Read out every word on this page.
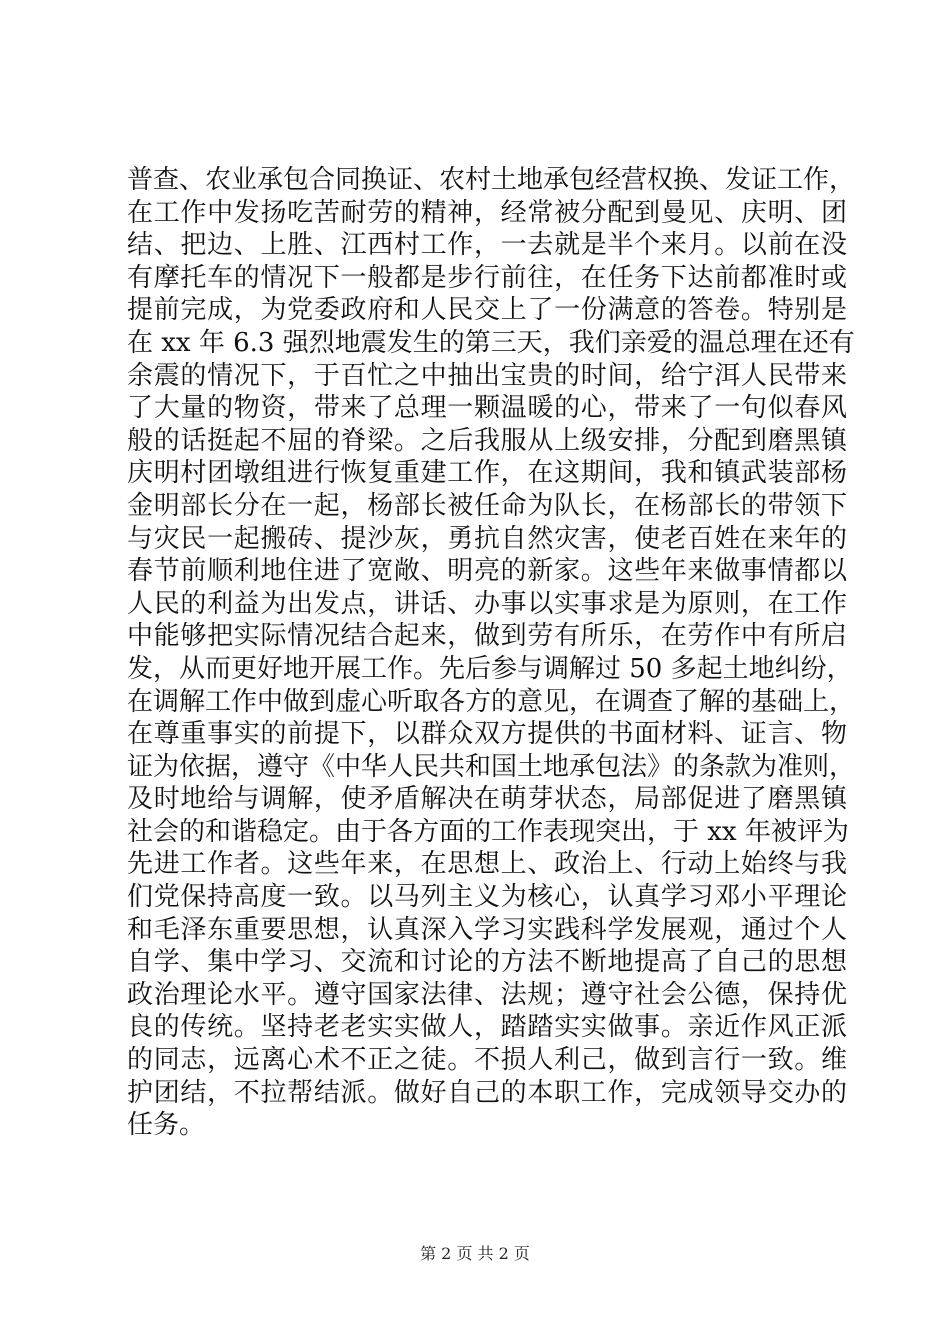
普查、农业承包合同换证、农村土地承包经营权换、发证工作，
在工作中发扬吃苦耐劳的精神，经常被分配到曼见、庆明、团
结、把边、上胜、江西村工作，一去就是半个来月。以前在没
有摩托车的情况下一般都是步行前往，在任务下达前都准时或
提前完成，为党委政府和人民交上了一份满意的答卷。特别是
在 xx 年 6.3 强烈地震发生的第三天，我们亲爱的温总理在还有
余震的情况下，于百忙之中抽出宝贵的时间，给宁洱人民带来
了大量的物资，带来了总理一颗温暖的心，带来了一句似春风
般的话挺起不屈的脊梁。之后我服从上级安排，分配到磨黑镇
庆明村团墩组进行恢复重建工作，在这期间，我和镇武装部杨
金明部长分在一起，杨部长被任命为队长，在杨部长的带领下
与灾民一起搬砖、提沙灰，勇抗自然灾害，使老百姓在来年的
春节前顺利地住进了宽敞、明亮的新家。这些年来做事情都以
人民的利益为出发点，讲话、办事以实事求是为原则，在工作
中能够把实际情况结合起来，做到劳有所乐，在劳作中有所启
发，从而更好地开展工作。先后参与调解过 50 多起土地纠纷，
在调解工作中做到虚心听取各方的意见，在调查了解的基础上，
在尊重事实的前提下，以群众双方提供的书面材料、证言、物
证为依据，遵守《中华人民共和国土地承包法》的条款为准则，
及时地给与调解，使矛盾解决在萌芽状态，局部促进了磨黑镇
社会的和谐稳定。由于各方面的工作表现突出，于 xx 年被评为
先进工作者。这些年来，在思想上、政治上、行动上始终与我
们党保持高度一致。以马列主义为核心，认真学习邓小平理论
和毛泽东重要思想，认真深入学习实践科学发展观，通过个人
自学、集中学习、交流和讨论的方法不断地提高了自己的思想
政治理论水平。遵守国家法律、法规；遵守社会公德，保持优
良的传统。坚持老老实实做人，踏踏实实做事。亲近作风正派
的同志，远离心术不正之徒。不损人利己，做到言行一致。维
护团结，不拉帮结派。做好自己的本职工作，完成领导交办的
任务。
第 2 页 共 2 页
